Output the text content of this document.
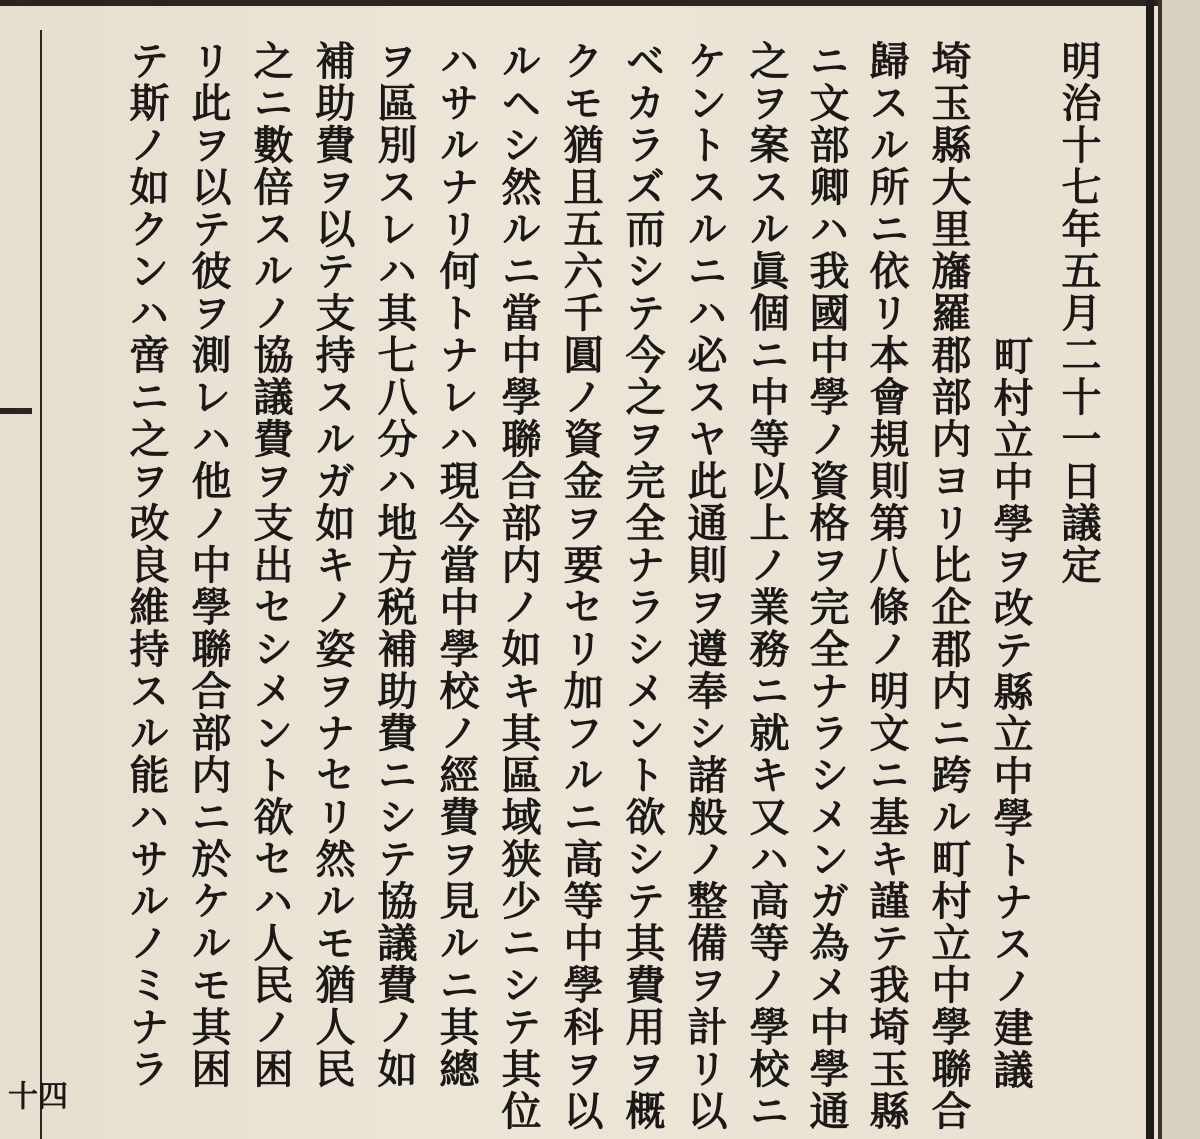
明治十七年五月二十一日議定
町村立中學ヲ改テ縣立中學トナスノ建議
埼玉縣大里旛羅郡部内ヨリ比企郡内ニ跨ル町村立中學聯合
歸スル所ニ依リ本會規則第八條ノ明文ニ基キ謹テ我埼玉縣
ニ文部卿ハ我國中學ノ資格ヲ完全ナラシメンガ為メ中學通
之ヲ案スル眞個ニ中等以上ノ業務ニ就キ又ハ高等ノ學校ニ
ケントスルニハ必スヤ此通則ヲ遵奉シ諸般ノ整備ヲ計リ以
ベカラズ而シテ今之ヲ完全ナラシメント欲シテ其費用ヲ概
クモ猶且五六千圓ノ資金ヲ要セリ加フルニ高等中學科ヲ以
ルヘシ然ルニ當中學聯合部内ノ如キ其區域狭少ニシテ其位
ハサルナリ何トナレハ現今當中學校ノ經費ヲ見ルニ其總
ヲ區別スレハ其七八分ハ地方税補助費ニシテ協議費ノ如
補助費ヲ以テ支持スルガ如キノ姿ヲナセリ然ルモ猶人民
之ニ數倍スルノ協議費ヲ支出セシメント欲セハ人民ノ困
リ此ヲ以テ彼ヲ測レハ他ノ中學聯合部内ニ於ケルモ其困
テ斯ノ如クンハ啻ニ之ヲ改良維持スル能ハサルノミナラ
四十
